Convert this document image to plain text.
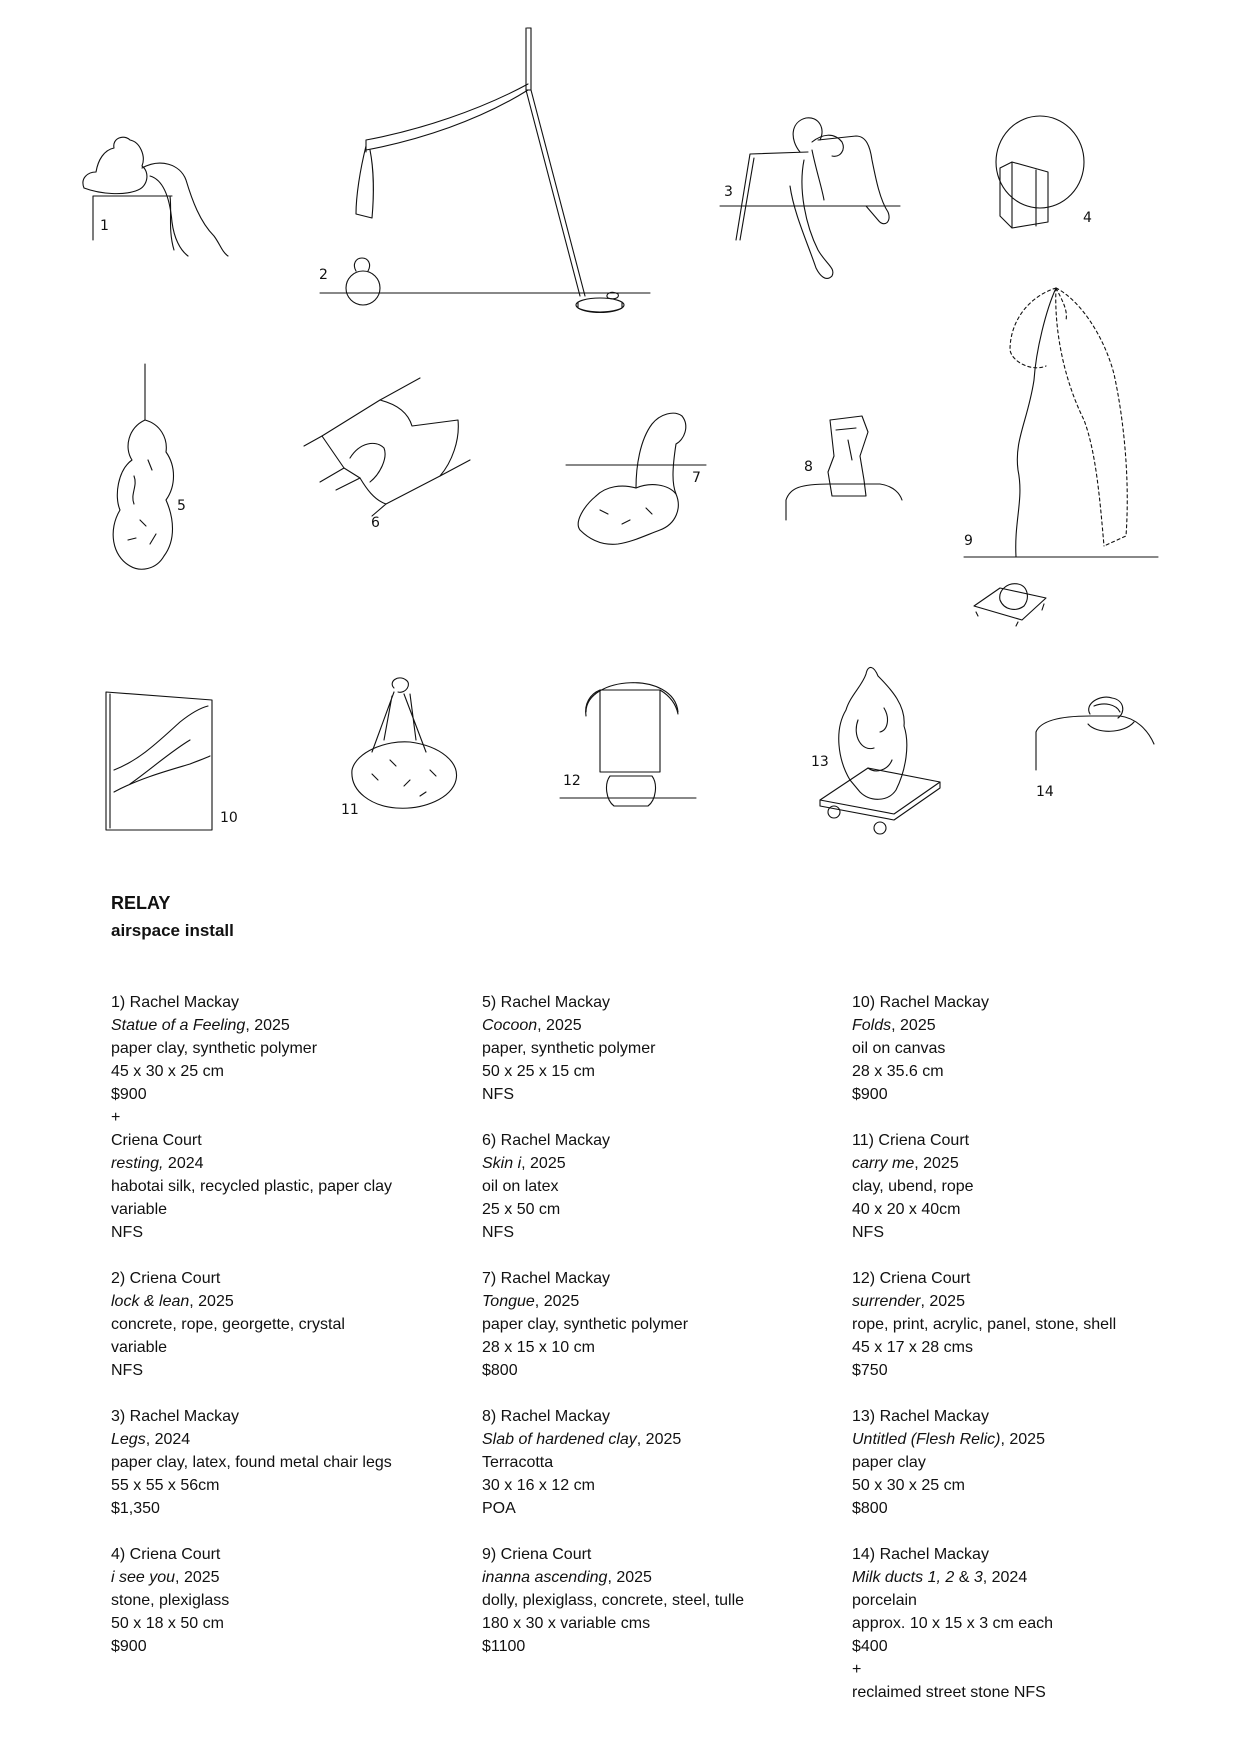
1
2
3
4
5
6
7
8
9
10	11
12
13
14
RELAY
airspace install
1) Rachel Mackay
Statue of a Feeling, 2025
paper clay, synthetic polymer
45 x 30 x 25 cm
$900
+
Criena Court
resting, 2024
habotai silk, recycled plastic, paper clay
variable
NFS
2) Criena Court
lock & lean, 2025
concrete, rope, georgette, crystal
variable
NFS
3) Rachel Mackay
Legs, 2024
paper clay, latex, found metal chair legs
55 x 55 x 56cm
$1,350
4) Criena Court
i see you, 2025
stone, plexiglass
50 x 18 x 50 cm
$900
5) Rachel Mackay
Cocoon, 2025
paper, synthetic polymer
50 x 25 x 15 cm
NFS
6) Rachel Mackay
Skin i, 2025
oil on latex
25 x 50 cm
NFS
7) Rachel Mackay
Tongue, 2025
paper clay, synthetic polymer
28 x 15 x 10 cm
$800
8) Rachel Mackay
Slab of hardened clay, 2025
Terracotta
30 x 16 x 12 cm
POA
9) Criena Court
inanna ascending, 2025
dolly, plexiglass, concrete, steel, tulle
180 x 30 x variable cms
$1100
10) Rachel Mackay
Folds, 2025
oil on canvas
28 x 35.6 cm
$900
11) Criena Court
carry me, 2025
clay, ubend, rope
40 x 20 x 40cm
NFS
12) Criena Court
surrender, 2025
rope, print, acrylic, panel, stone, shell
45 x 17 x 28 cms
$750
13) Rachel Mackay
Untitled (Flesh Relic), 2025
paper clay
50 x 30 x 25 cm
$800
14) Rachel Mackay
Milk ducts 1, 2 & 3, 2024
porcelain
approx. 10 x 15 x 3 cm each
$400
+
reclaimed street stone NFS
